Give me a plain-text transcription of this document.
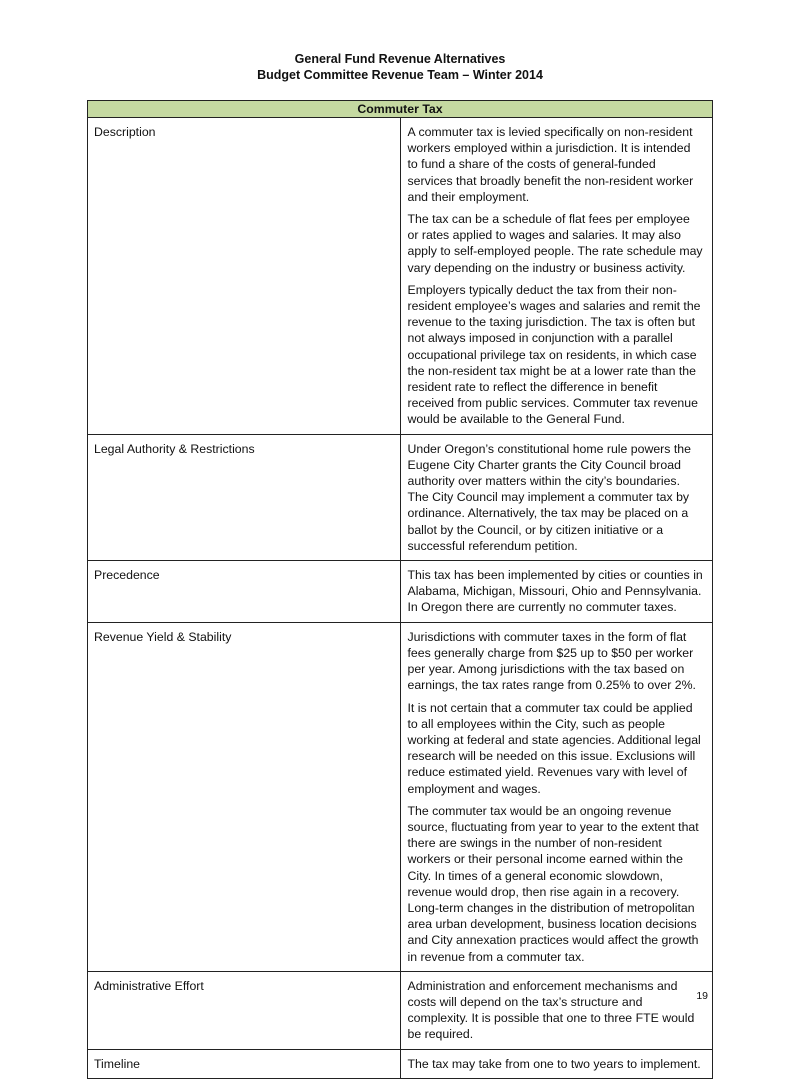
General Fund Revenue Alternatives
Budget Committee Revenue Team – Winter 2014
Commuter Tax	
Description	A commuter tax is levied specifically on non-resident workers employed within a jurisdiction. It is intended to fund a share of the costs of general-funded services that broadly benefit the non-resident worker and their employment.

The tax can be a schedule of flat fees per employee or rates applied to wages and salaries. It may also apply to self-employed people. The rate schedule may vary depending on the industry or business activity.

Employers typically deduct the tax from their non-resident employee’s wages and salaries and remit the revenue to the taxing jurisdiction. The tax is often but not always imposed in conjunction with a parallel occupational privilege tax on residents, in which case the non-resident tax might be at a lower rate than the resident rate to reflect the difference in benefit received from public services. Commuter tax revenue would be available to the General Fund.

Legal Authority & Restrictions	Under Oregon’s constitutional home rule powers the Eugene City Charter grants the City Council broad authority over matters within the city’s boundaries. The City Council may implement a commuter tax by ordinance. Alternatively, the tax may be placed on a ballot by the Council, or by citizen initiative or a successful referendum petition.

Precedence	This tax has been implemented by cities or counties in Alabama, Michigan, Missouri, Ohio and Pennsylvania. In Oregon there are currently no commuter taxes.

Revenue Yield & Stability	Jurisdictions with commuter taxes in the form of flat fees generally charge from $25 up to $50 per worker per year. Among jurisdictions with the tax based on earnings, the tax rates range from 0.25% to over 2%.

It is not certain that a commuter tax could be applied to all employees within the City, such as people working at federal and state agencies. Additional legal research will be needed on this issue. Exclusions will reduce estimated yield. Revenues vary with level of employment and wages.

The commuter tax would be an ongoing revenue source, fluctuating from year to year to the extent that there are swings in the number of non-resident workers or their personal income earned within the City. In times of a general economic slowdown, revenue would drop, then rise again in a recovery. Long-term changes in the distribution of metropolitan area urban development, business location decisions and City annexation practices would affect the growth in revenue from a commuter tax.

Administrative Effort	Administration and enforcement mechanisms and costs will depend on the tax’s structure and complexity. It is possible that one to three FTE would be required.

Timeline	The tax may take from one to two years to implement.

19
